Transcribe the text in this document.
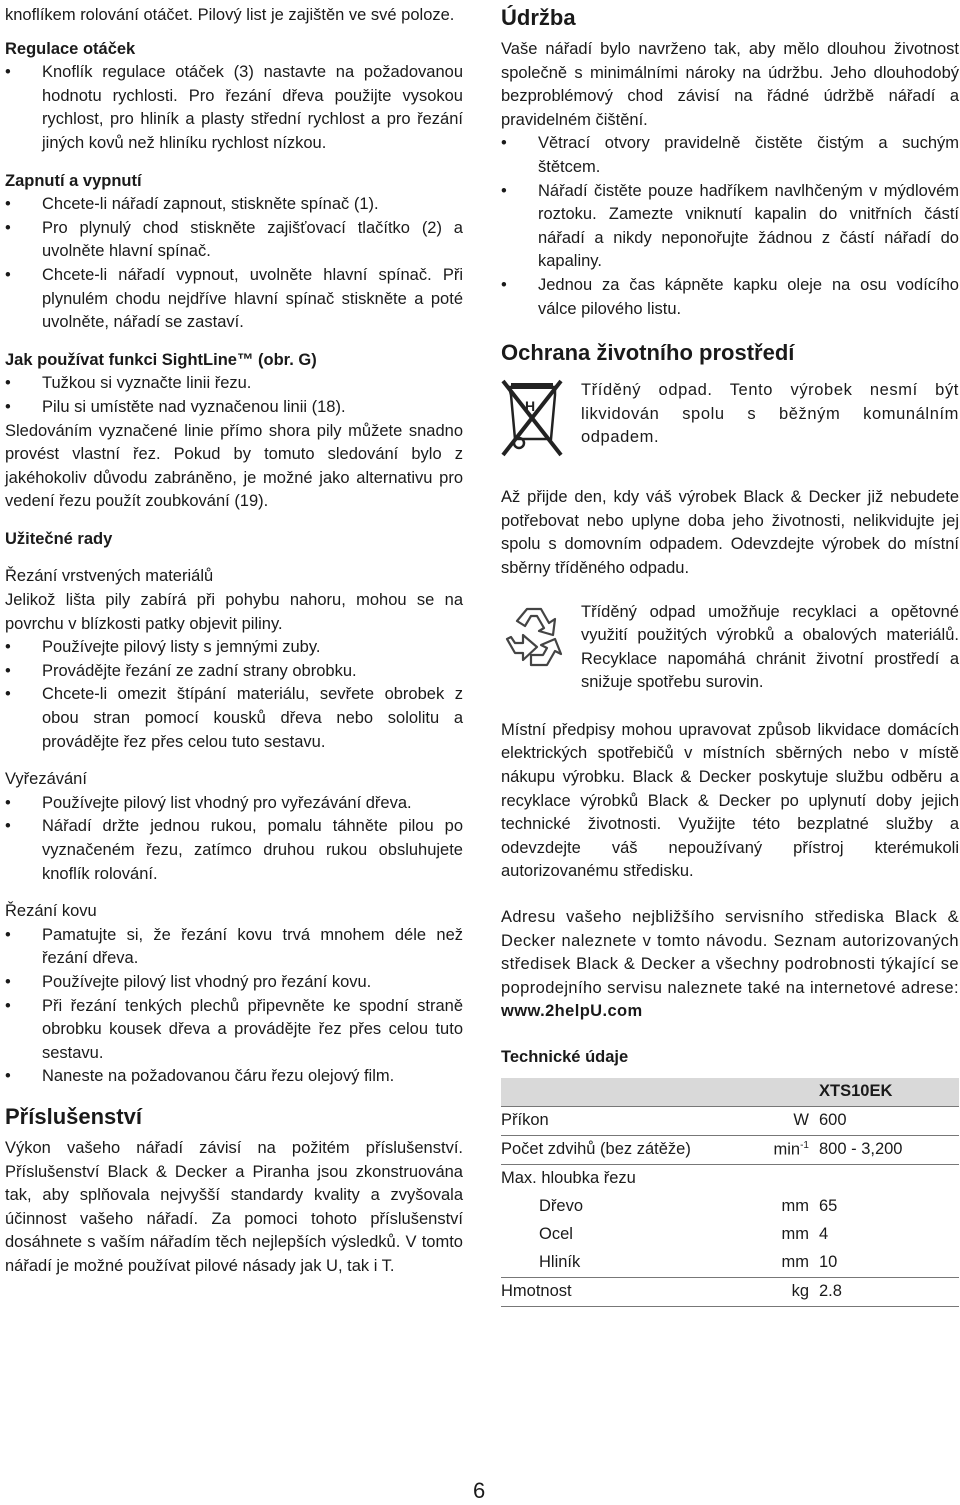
knoflíkem rolování otáčet. Pilový list je zajištěn ve své poloze.

Regulace otáček

• Knoflík regulace otáček (3) nastavte na požadovanou hodnotu rychlosti. Pro řezání dřeva použijte vysokou rychlost, pro hliník a plasty střední rychlost a pro řezání jiných kovů než hliníku rychlost nízkou.

Zapnutí a vypnutí

• Chcete-li nářadí zapnout, stiskněte spínač (1).
• Pro plynulý chod stiskněte zajišťovací tlačítko (2) a uvolněte hlavní spínač.
• Chcete-li nářadí vypnout, uvolněte hlavní spínač. Při plynulém chodu nejdříve hlavní spínač stiskněte a poté uvolněte, nářadí se zastaví.

Jak používat funkci SightLine™ (obr. G)

• Tužkou si vyznačte linii řezu.
• Pilu si umístěte nad vyznačenou linii (18).

Sledováním vyznačené linie přímo shora pily můžete snadno provést vlastní řez. Pokud by tomuto sledování bylo z jakéhokoliv důvodu zabráněno, je možné jako alternativu pro vedení řezu použít zoubkování (19).

Užitečné rady

Řezání vrstvených materiálů

Jelikož lišta pily zabírá při pohybu nahoru, mohou se na povrchu v blízkosti patky objevit piliny.

• Používejte pilový listy s jemnými zuby.
• Provádějte řezání ze zadní strany obrobku.
• Chcete-li omezit štípání materiálu, sevřete obrobek z obou stran pomocí kousků dřeva nebo sololitu a provádějte řez přes celou tuto sestavu.

Vyřezávání

• Používejte pilový list vhodný pro vyřezávání dřeva.
• Nářadí držte jednou rukou, pomalu táhněte pilou po vyznačeném řezu, zatímco druhou rukou obsluhujete knoflík rolování.

Řezání kovu

• Pamatujte si, že řezání kovu trvá mnohem déle než řezání dřeva.
• Používejte pilový list vhodný pro řezání kovu.
• Při řezání tenkých plechů připevněte ke spodní straně obrobku kousek dřeva a provádějte řez přes celou tuto sestavu.
• Naneste na požadovanou čáru řezu olejový film.

Příslušenství

Výkon vašeho nářadí závisí na požitém příslušenství. Příslušenství Black & Decker a Piranha jsou zkonstruována tak, aby splňovala nejvyšší standardy kvality a zvyšovala účinnost vašeho nářadí. Za pomoci tohoto příslušenství dosáhnete s vaším nářadím těch nejlepších výsledků. V tomto nářadí je možné používat pilové násady jak U, tak i T.

Údržba

Vaše nářadí bylo navrženo tak, aby mělo dlouhou životnost společně s minimálními nároky na údržbu. Jeho dlouhodobý bezproblémový chod závisí na řádné údržbě nářadí a pravidelném čištění.

• Větrací otvory pravidelně čistěte čistým a suchým štětcem.
• Nářadí čistěte pouze hadříkem navlhčeným v mýdlovém roztoku. Zamezte vniknutí kapalin do vnitřních částí nářadí a nikdy neponořujte žádnou z částí nářadí do kapaliny.
• Jednou za čas kápněte kapku oleje na osu vodícího válce pilového listu.

Ochrana životního prostředí

H

Tříděný odpad. Tento výrobek nesmí být likvidován spolu s běžným komunálním odpadem.

Až přijde den, kdy váš výrobek Black & Decker již nebudete potřebovat nebo uplyne doba jeho životnosti, nelikvidujte jej spolu s domovním odpadem. Odevzdejte výrobek do místní sběrny tříděného odpadu.

Tříděný odpad umožňuje recyklaci a opětovné využití použitých výrobků a obalových materiálů. Recyklace napomáhá chránit životní prostředí a snižuje spotřebu surovin.

Místní předpisy mohou upravovat způsob likvidace domácích elektrických spotřebičů v místních sběrných nebo v místě nákupu výrobku. Black & Decker poskytuje službu odběru a recyklace výrobků Black & Decker po uplynutí doby jejich technické životnosti. Využijte této bezplatné služby a odevzdejte váš nepoužívaný přístroj kterémukoli autorizovanému středisku.

Adresu vašeho nejbližšího servisního střediska Black & Decker naleznete v tomto návodu. Seznam autorizovaných středisek Black & Decker a všechny podrobnosti týkající se poprodejního servisu naleznete také na internetové adrese: www.2helpU.com

Technické údaje

		XTS10EK
Příkon	W	600
Počet zdvihů (bez zátěže)	$\min^{-1}$	800 - 3,200
Max. hloubka řezu		
Dřevo	mm	65
Ocel	mm	4
Hliník	mm	10
Hmotnost	kg	2.8
6
